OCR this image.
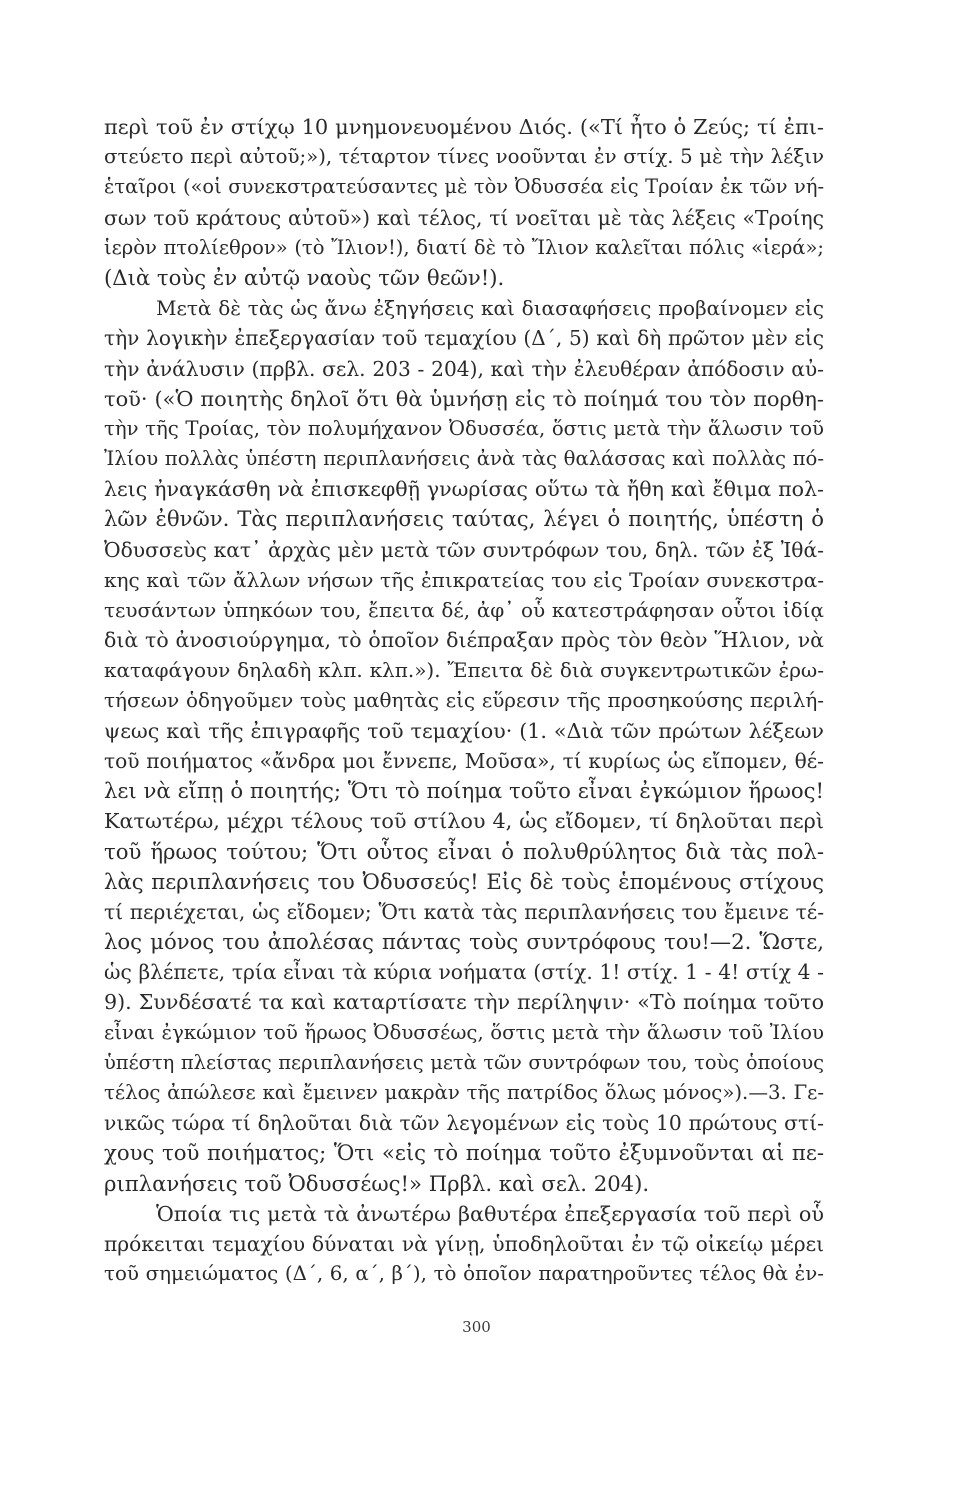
περὶ τοῦ ἐν στίχῳ 10 μνημονευομένου Διός. («Τί ἦτο ὁ Ζεύς; τί ἐπι-
στεύετο περὶ αὐτοῦ;»), τέταρτον τίνες νοοῦνται ἐν στίχ. 5 μὲ τὴν λέξιν
ἑταῖροι («οἱ συνεκστρατεύσαντες μὲ τὸν Ὀδυσσέα εἰς Τροίαν ἐκ τῶν νή-
σων τοῦ κράτους αὐτοῦ») καὶ τέλος, τί νοεῖται μὲ τὰς λέξεις «Τροίης
ἱερὸν πτολίεθρον» (τὸ Ἴλιον!), διατί δὲ τὸ Ἴλιον καλεῖται πόλις «ἱερά»;
(Διὰ τοὺς ἐν αὐτῷ ναοὺς τῶν θεῶν!).
Μετὰ δὲ τὰς ὡς ἄνω ἐξηγήσεις καὶ διασαφήσεις προβαίνομεν εἰς
τὴν λογικὴν ἐπεξεργασίαν τοῦ τεμαχίου (Δ΄, 5) καὶ δὴ πρῶτον μὲν εἰς
τὴν ἀνάλυσιν (πρβλ. σελ. 203 - 204), καὶ τὴν ἐλευθέραν ἀπόδοσιν αὐ-
τοῦ· («Ὁ ποιητὴς δηλοῖ ὅτι θὰ ὑμνήσῃ εἰς τὸ ποίημά του τὸν πορθη-
τὴν τῆς Τροίας, τὸν πολυμήχανον Ὀδυσσέα, ὅστις μετὰ τὴν ἅλωσιν τοῦ
Ἰλίου πολλὰς ὑπέστη περιπλανήσεις ἀνὰ τὰς θαλάσσας καὶ πολλὰς πό-
λεις ἠναγκάσθη νὰ ἐπισκεφθῇ γνωρίσας οὕτω τὰ ἤθη καὶ ἔθιμα πολ-
λῶν ἐθνῶν. Τὰς περιπλανήσεις ταύτας, λέγει ὁ ποιητής, ὑπέστη ὁ
Ὀδυσσεὺς κατ᾿ ἀρχὰς μὲν μετὰ τῶν συντρόφων του, δηλ. τῶν ἐξ Ἰθά-
κης καὶ τῶν ἄλλων νήσων τῆς ἐπικρατείας του εἰς Τροίαν συνεκστρα-
τευσάντων ὑπηκόων του, ἔπειτα δέ, ἀφ᾿ οὗ κατεστράφησαν οὗτοι ἰδίᾳ
διὰ τὸ ἀνοσιούργημα, τὸ ὁποῖον διέπραξαν πρὸς τὸν θεὸν Ἥλιον, νὰ
καταφάγουν δηλαδὴ κλπ. κλπ.»). Ἔπειτα δὲ διὰ συγκεντρωτικῶν ἐρω-
τήσεων ὁδηγοῦμεν τοὺς μαθητὰς εἰς εὕρεσιν τῆς προσηκούσης περιλή-
ψεως καὶ τῆς ἐπιγραφῆς τοῦ τεμαχίου· (1. «Διὰ τῶν πρώτων λέξεων
τοῦ ποιήματος «ἄνδρα μοι ἔννεπε, Μοῦσα», τί κυρίως ὡς εἴπομεν, θέ-
λει νὰ εἴπῃ ὁ ποιητής; Ὅτι τὸ ποίημα τοῦτο εἶναι ἐγκώμιον ἥρωος!
Κατωτέρω, μέχρι τέλους τοῦ στίλου 4, ὡς εἴδομεν, τί δηλοῦται περὶ
τοῦ ἥρωος τούτου; Ὅτι οὗτος εἶναι ὁ πολυθρύλητος διὰ τὰς πολ-
λὰς περιπλανήσεις του Ὀδυσσεύς! Εἰς δὲ τοὺς ἑπομένους στίχους
τί περιέχεται, ὡς εἴδομεν; Ὅτι κατὰ τὰς περιπλανήσεις του ἔμεινε τέ-
λος μόνος του ἀπολέσας πάντας τοὺς συντρόφους του!—2. Ὥστε,
ὡς βλέπετε, τρία εἶναι τὰ κύρια νοήματα (στίχ. 1! στίχ. 1 - 4! στίχ 4 -
9). Συνδέσατέ τα καὶ καταρτίσατε τὴν περίληψιν· «Τὸ ποίημα τοῦτο
εἶναι ἐγκώμιον τοῦ ἥρωος Ὀδυσσέως, ὅστις μετὰ τὴν ἅλωσιν τοῦ Ἰλίου
ὑπέστη πλείστας περιπλανήσεις μετὰ τῶν συντρόφων του, τοὺς ὁποίους
τέλος ἀπώλεσε καὶ ἔμεινεν μακρὰν τῆς πατρίδος ὅλως μόνος»).—3. Γε-
νικῶς τώρα τί δηλοῦται διὰ τῶν λεγομένων εἰς τοὺς 10 πρώτους στί-
χους τοῦ ποιήματος; Ὅτι «εἰς τὸ ποίημα τοῦτο ἐξυμνοῦνται αἱ πε-
ριπλανήσεις τοῦ Ὀδυσσέως!» Πρβλ. καὶ σελ. 204).
Ὁποία τις μετὰ τὰ ἀνωτέρω βαθυτέρα ἐπεξεργασία τοῦ περὶ οὗ
πρόκειται τεμαχίου δύναται νὰ γίνῃ, ὑποδηλοῦται ἐν τῷ οἰκείῳ μέρει
τοῦ σημειώματος (Δ΄, 6, α΄, β΄), τὸ ὁποῖον παρατηροῦντες τέλος θὰ ἐν-
300
